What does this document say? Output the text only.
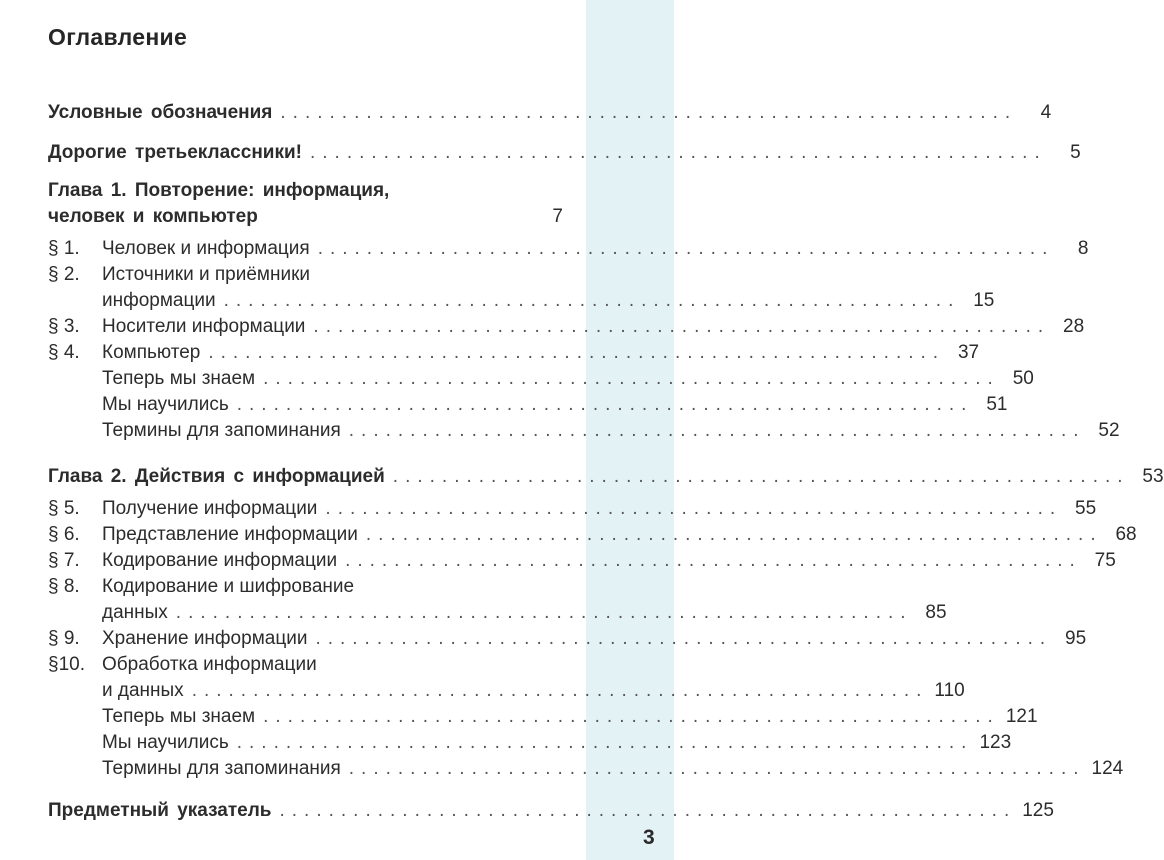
Оглавление
Условные обозначения ............................................................	4
Дорогие третьеклассники! ............................................................	5
Глава 1. Повторение: информация,
человек и компьютер
	7
§ 1. Человек и информация ............................................................	8
§ 2. Источники и приёмники
информации ............................................................ 15
§ 3. Носители информации ............................................................ 28
§ 4. Компьютер ............................................................ 37
Теперь мы знаем ............................................................ 50
Мы научились ............................................................ 51
Термины для запоминания ............................................................ 52
Глава 2. Действия с информацией ............................................................ 53
§ 5. Получение информации ............................................................ 55
§ 6. Представление информации ............................................................ 68
§ 7. Кодирование информации ............................................................ 75
§ 8. Кодирование и шифрование
данных ............................................................ 85
§ 9. Хранение информации ............................................................ 95
§10. Обработка информации
и данных ............................................................ 110
Теперь мы знаем ............................................................ 121
Мы научились ............................................................ 123
Термины для запоминания ............................................................ 124
Предметный указатель ............................................................ 125
3
